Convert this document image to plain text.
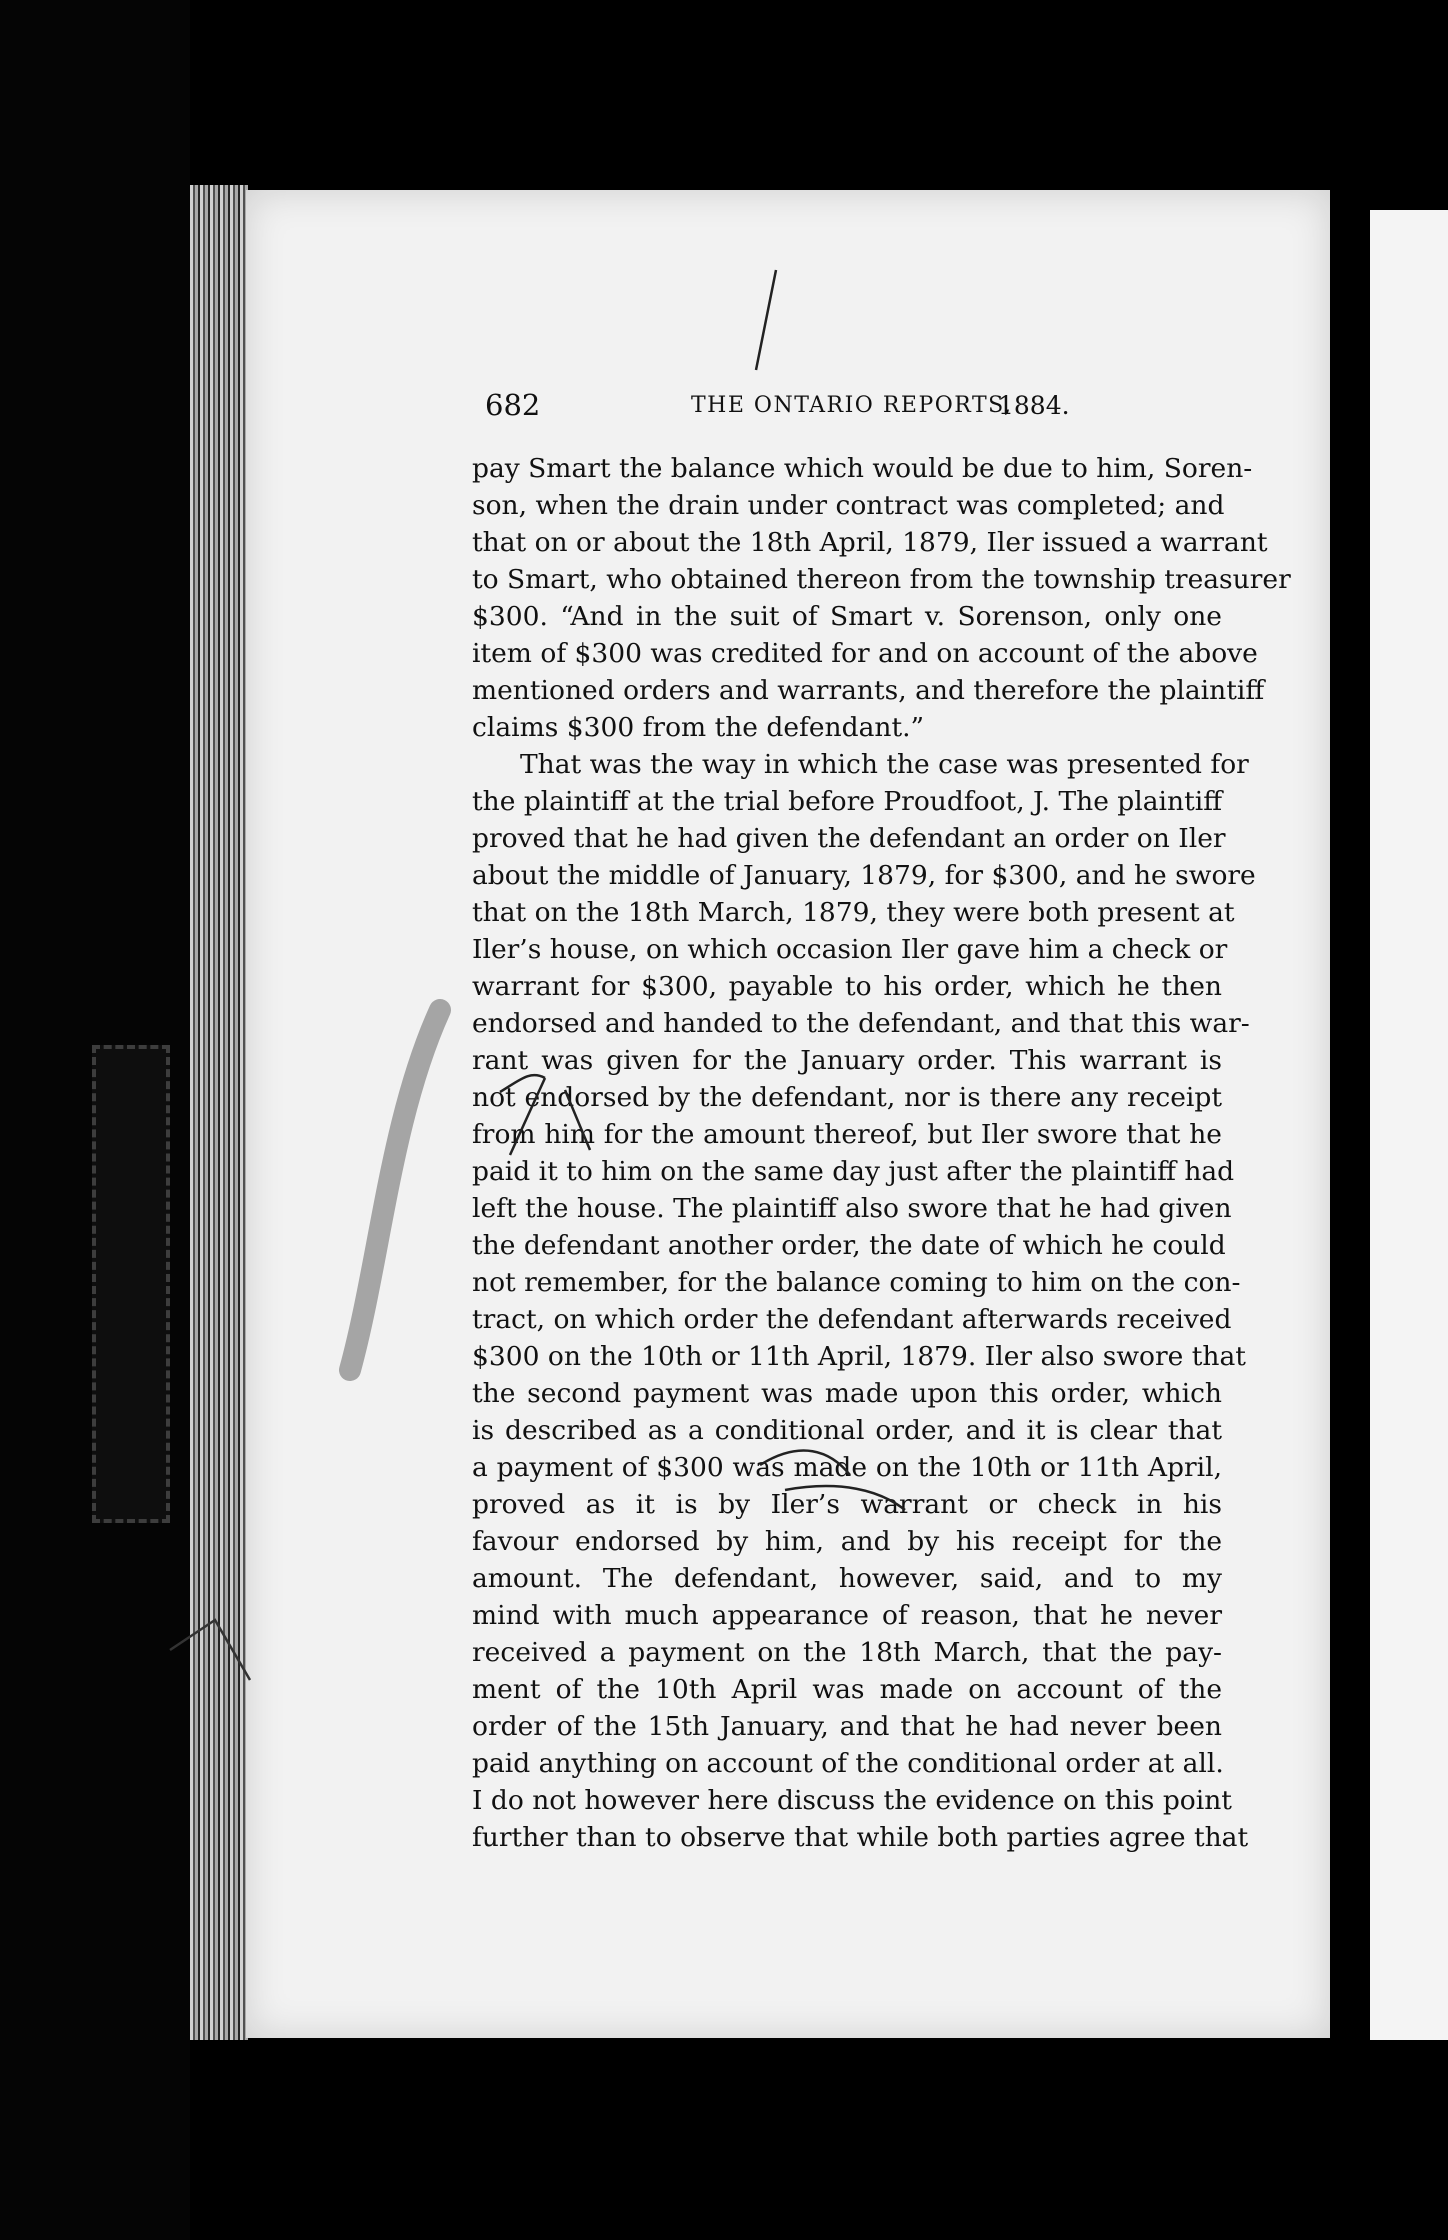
682	THE ONTARIO REPORTS,
1884.
pay Smart the balance which would be due to him, Soren-
son, when the drain under contract was completed; and
that on or about the 18th April, 1879, Iler issued a warrant
to Smart, who obtained thereon from the township treasurer
$300. “And in the suit of Smart v. Sorenson, only one
item of $300 was credited for and on account of the above
mentioned orders and warrants, and therefore the plaintiff
claims $300 from the defendant.”
That was the way in which the case was presented for
the plaintiff at the trial before Proudfoot, J. The plaintiff
proved that he had given the defendant an order on Iler
about the middle of January, 1879, for $300, and he swore
that on the 18th March, 1879, they were both present at
Iler’s house, on which occasion Iler gave him a check or
warrant for $300, payable to his order, which he then
endorsed and handed to the defendant, and that this war-
rant was given for the January order. This warrant is
not endorsed by the defendant, nor is there any receipt
from him for the amount thereof, but Iler swore that he
paid it to him on the same day just after the plaintiff had
left the house. The plaintiff also swore that he had given
the defendant another order, the date of which he could
not remember, for the balance coming to him on the con-
tract, on which order the defendant afterwards received
$300 on the 10th or 11th April, 1879. Iler also swore that
the second payment was made upon this order, which
is described as a conditional order, and it is clear that
a payment of $300 was made on the 10th or 11th April,
proved as it is by Iler’s warrant or check in his
favour endorsed by him, and by his receipt for the
amount. The defendant, however, said, and to my
mind with much appearance of reason, that he never
received a payment on the 18th March, that the pay-
ment of the 10th April was made on account of the
order of the 15th January, and that he had never been
paid anything on account of the conditional order at all.
I do not however here discuss the evidence on this point
further than to observe that while both parties agree that
